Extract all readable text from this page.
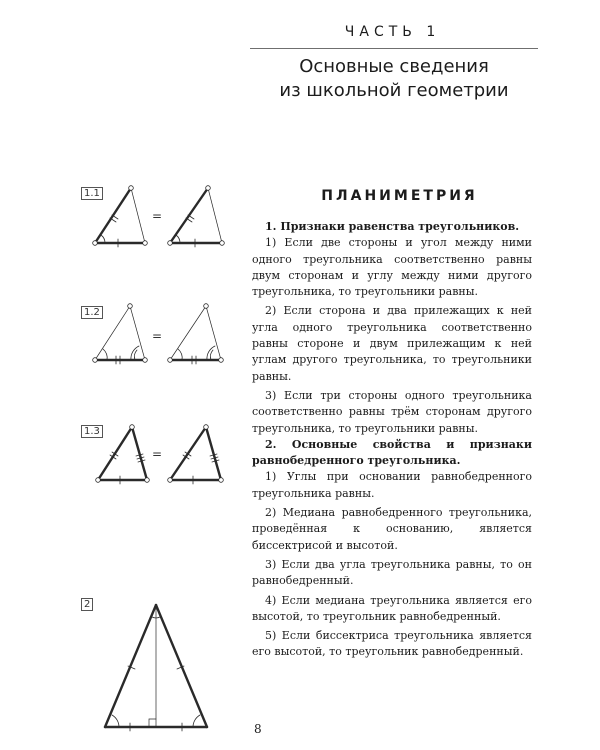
ЧАСТЬ 1
Основные сведения
из школьной геометрии
1.1
1.2
1.3
2
=
=
=
ПЛАНИМЕТРИЯ

1. Признаки равенства треугольников.

1) Если две стороны и угол между ними одного треугольника соответственно равны двум сторонам и углу между ними другого треугольника, то треугольники равны.

2) Если сторона и два прилежащих к ней угла одного треугольника соответственно равны стороне и двум прилежащим к ней углам другого треугольника, то треугольники равны.

3) Если три стороны одного треугольника соответственно равны трём сторонам другого треугольника, то треугольники равны.

2. Основные свойства и признаки равнобедренного треугольника.

1) Углы при основании равнобедренного треугольника равны.

2) Медиана равнобедренного треугольника, проведённая к основанию, является биссектрисой и высотой.

3) Если два угла треугольника равны, то он равнобедренный.

4) Если медиана треугольника является его высотой, то треугольник равнобедренный.

5) Если биссектриса треугольника является его высотой, то треугольник равнобедренный.

8
